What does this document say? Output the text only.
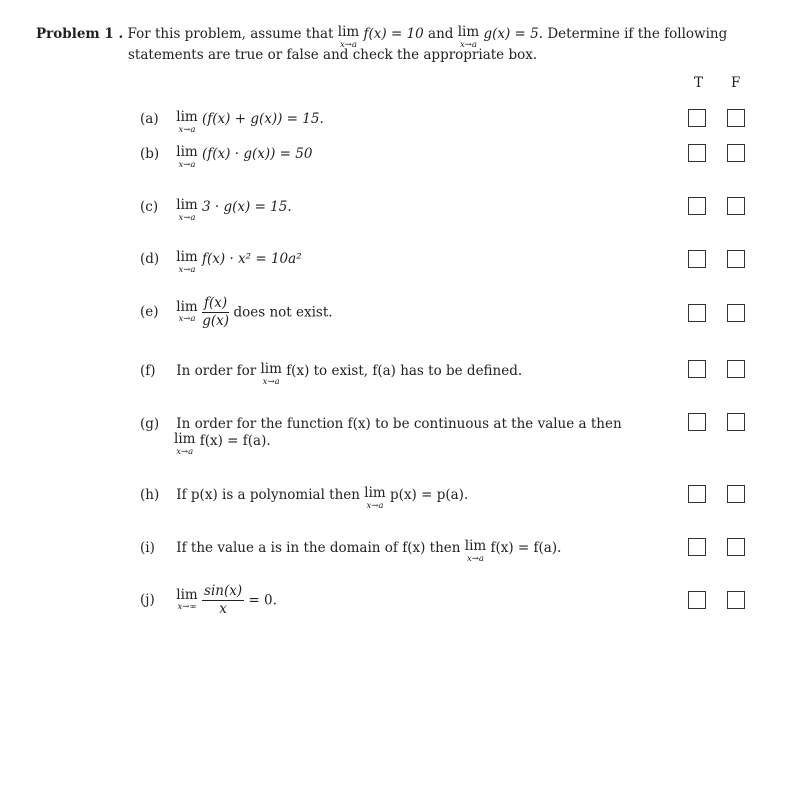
Problem 1 . For this problem, assume that lim
x→a
f(x) = 10 and lim
x→a
g(x) = 5. Determine if the following
statements are true or false and check the appropriate box.
T F
(a) lim
x→a
(f(x) + g(x)) = 15.
(b) lim
x→a
(f(x) · g(x)) = 50
(c) lim
x→a
3 · g(x) = 15.
(d) lim
x→a
f(x) · x² = 10a²
(e) lim
x→a
$\frac{f(x)}{g(x)}$ does not exist.
(f) In order for lim
x→a
f(x) to exist, f(a) has to be defined.
(g) In order for the function f(x) to be continuous at the value a then
lim
x→a
f(x) = f(a).
(h) If p(x) is a polynomial then lim
x→a
p(x) = p(a).
(i) If the value a is in the domain of f(x) then lim
x→a
f(x) = f(a).
(j) lim
x→∞
$\frac{\sin(x)}{x} = 0$.
